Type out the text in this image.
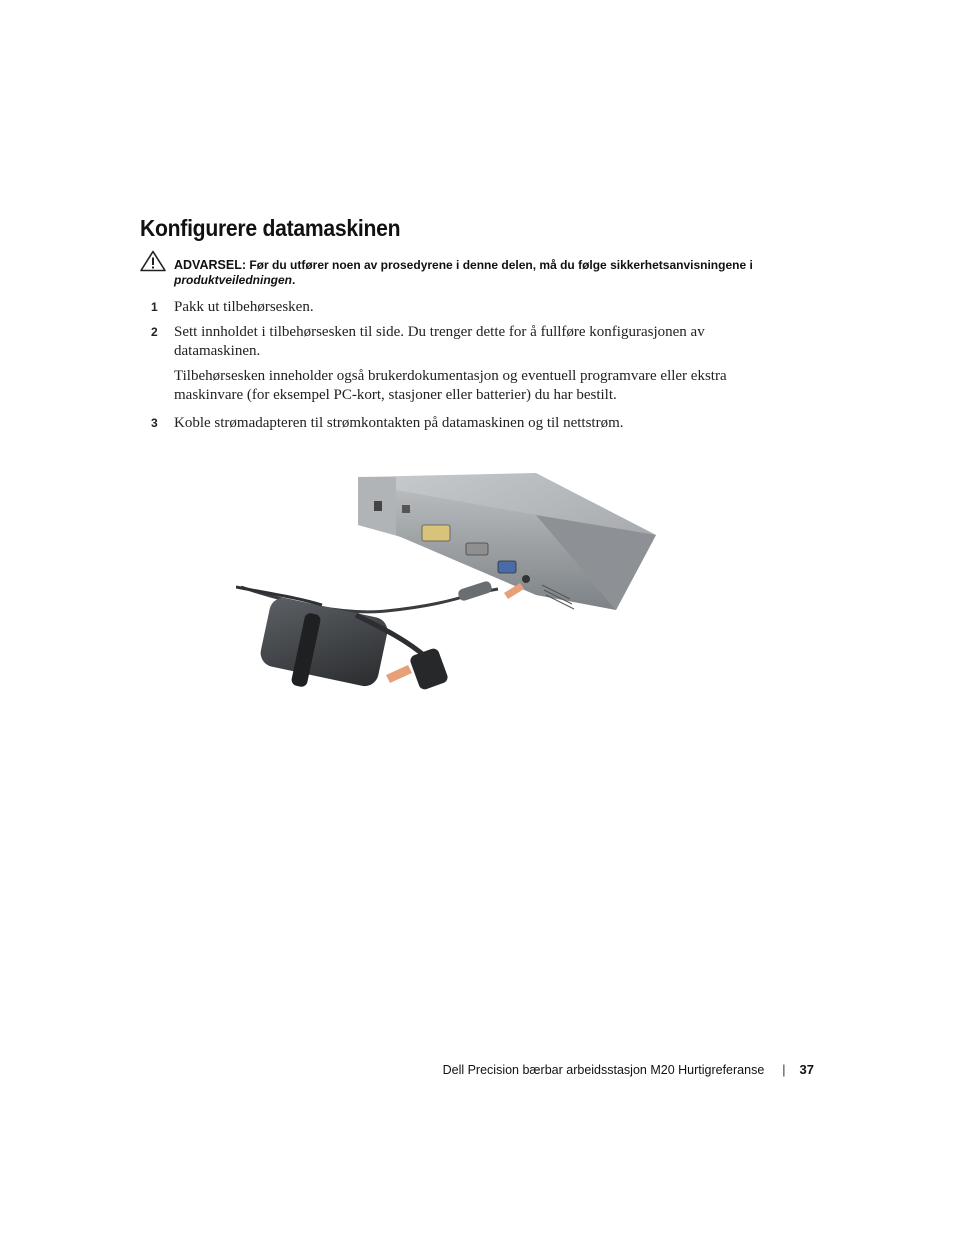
Konfigurere datamaskinen
ADVARSEL: Før du utfører noen av prosedyrene i denne delen, må du følge sikkerhetsanvisningene i
produktveiledningen.
1 Pakk ut tilbehørsesken.
2 Sett innholdet i tilbehørsesken til side. Du trenger dette for å fullføre konfigurasjonen av datamaskinen.
Tilbehørsesken inneholder også brukerdokumentasjon og eventuell programvare eller ekstra maskinvare (for eksempel PC-kort, stasjoner eller batterier) du har bestilt.
3 Koble strømadapteren til strømkontakten på datamaskinen og til nettstrøm.
Dell Precision bærbar arbeidsstasjon M20 Hurtigreferanse | 37
